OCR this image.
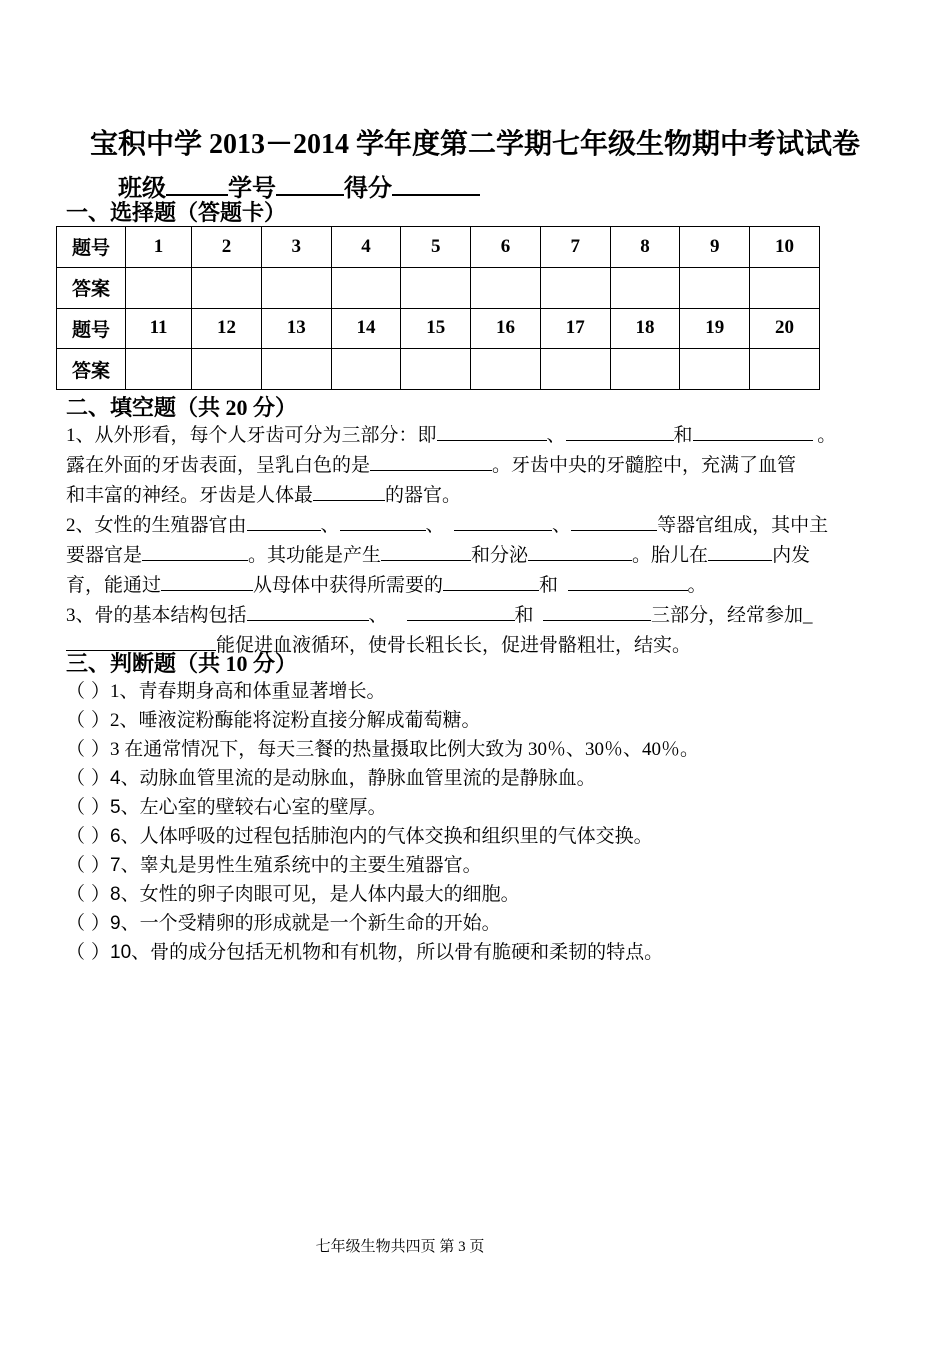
宝积中学 2013－2014 学年度第二学期七年级生物期中考试试卷
班级	学号	得分
一、选择题（答题卡）
题号	1	2	3	4	5	6	7	8	9	10
答案										
题号	11	12	13	14	15	16	17	18	19	20
答案										
二、填空题（共 20 分）
1、从外形看，每个人牙齿可分为三部分：即	、	和	。
露在外面的牙齿表面，呈乳白色的是	。牙齿中央的牙髓腔中，充满了血管
和丰富的神经。牙齿是人体最	的器官。
2、女性的生殖器官由	、	、	、	等器官组成，其中主
要器官是	。其功能是产生	和分泌	。胎儿在	内发
育，能通过	从母体中获得所需要的	和	。
3、骨的基本结构包括	、	和	三部分，经常参加_
能促进血液循环，使骨长粗长长，促进骨骼粗壮，结实。
三、判断题（共 10 分）
（ ）1、青春期身高和体重显著增长。
（ ）2、唾液淀粉酶能将淀粉直接分解成葡萄糖。
（ ）3 在通常情况下，每天三餐的热量摄取比例大致为 30％、30％、40％。
（ ）4、动脉血管里流的是动脉血，静脉血管里流的是静脉血。
（ ）5、左心室的壁较右心室的壁厚。
（ ）6、人体呼吸的过程包括肺泡内的气体交换和组织里的气体交换。
（ ）7、睾丸是男性生殖系统中的主要生殖器官。
（ ）8、女性的卵子肉眼可见，是人体内最大的细胞。
（ ）9、一个受精卵的形成就是一个新生命的开始。
（ ）10、骨的成分包括无机物和有机物，所以骨有脆硬和柔韧的特点。
七年级生物共四页 第 3 页
